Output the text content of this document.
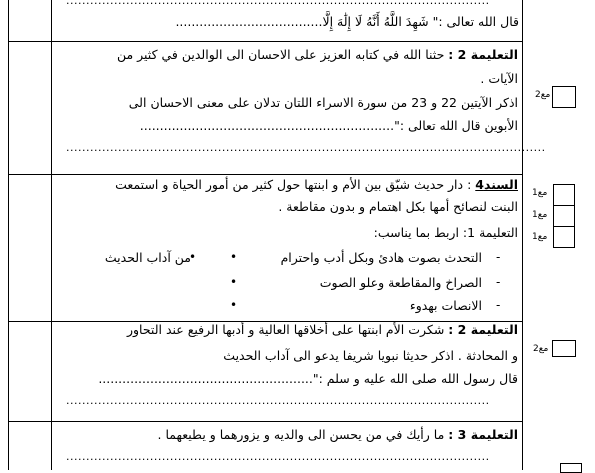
..........................................................................................................
قال الله تعالى :" شَهِدَ اللَّهُ أَنَّهُ لَا إِلَٰهَ إِلَّا.....................................
التعليمة 2 : حثنا الله في كتابه العزيز على الاحسان الى الوالدين في كثير من
الآيات .
اذكر الآيتين 22 و 23 من سورة الاسراء اللتان تدلان على معنى الاحسان الى
الأبوين قال الله تعالى :"................................................................
........................................................................................................................
مع2
السند4 : دار حديث شيّق بين الأم و ابنتها حول كثير من أمور الحياة و استمعت
البنت لنصائح أمها بكل اهتمام و بدون مقاطعة .
التعليمة 1: اربط بما يناسب:
التحدث بصوت هادئ وبكل أدب واحترام
الصراخ والمقاطعة وعلو الصوت
الانصات بهدوء
-
-
-
•
•
•
من آداب الحديث
•
مع1
مع1
مع1
التعليمة 2 : شكرت الأم ابنتها على أخلاقها العالية و أدبها الرفيع عند التحاور
و المحادثة . اذكر حديثا نبويا شريفا يدعو الى آداب الحديث
قال رسول الله صلى الله عليه و سلم :"......................................................
..........................................................................................................
مع2
التعليمة 3 : ما رأيك في من يحسن الى والديه و يزورهما و يطيعهما .
..........................................................................................................
